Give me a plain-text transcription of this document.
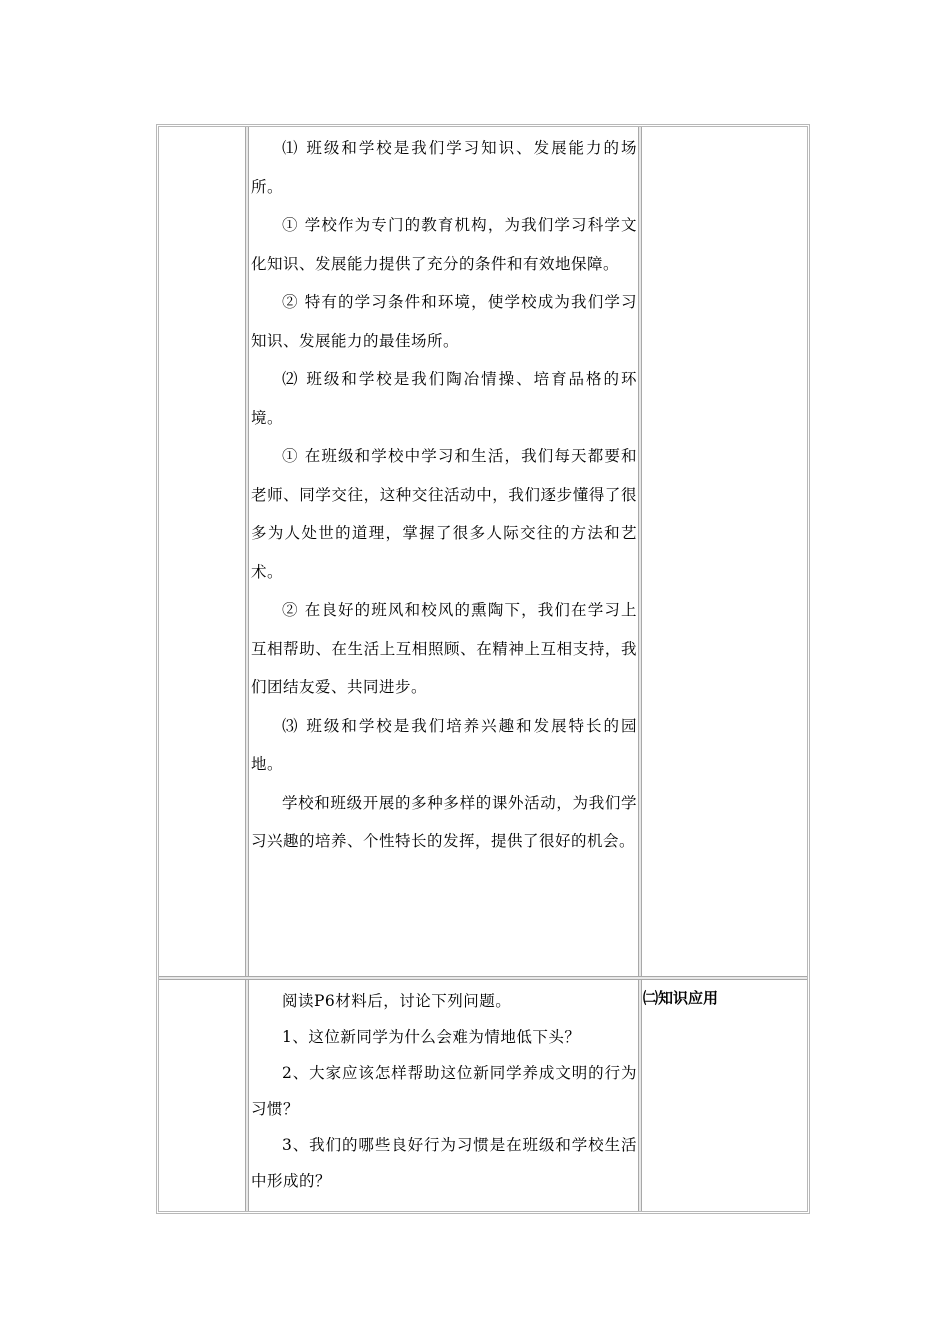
⑴ 班级和学校是我们学习知识、发展能力的场所。

① 学校作为专门的教育机构，为我们学习科学文化知识、发展能力提供了充分的条件和有效地保障。

② 特有的学习条件和环境，使学校成为我们学习知识、发展能力的最佳场所。

⑵ 班级和学校是我们陶冶情操、培育品格的环境。

① 在班级和学校中学习和生活，我们每天都要和老师、同学交往，这种交往活动中，我们逐步懂得了很多为人处世的道理，掌握了很多人际交往的方法和艺术。

② 在良好的班风和校风的熏陶下，我们在学习上互相帮助、在生活上互相照顾、在精神上互相支持，我们团结友爱、共同进步。

⑶ 班级和学校是我们培养兴趣和发展特长的园地。

学校和班级开展的多种多样的课外活动，为我们学习兴趣的培养、个性特长的发挥，提供了很好的机会。

阅读P6材料后，讨论下列问题。

1、这位新同学为什么会难为情地低下头？

2、大家应该怎样帮助这位新同学养成文明的行为习惯？

3、我们的哪些良好行为习惯是在班级和学校生活中形成的？

㈡知识应用
